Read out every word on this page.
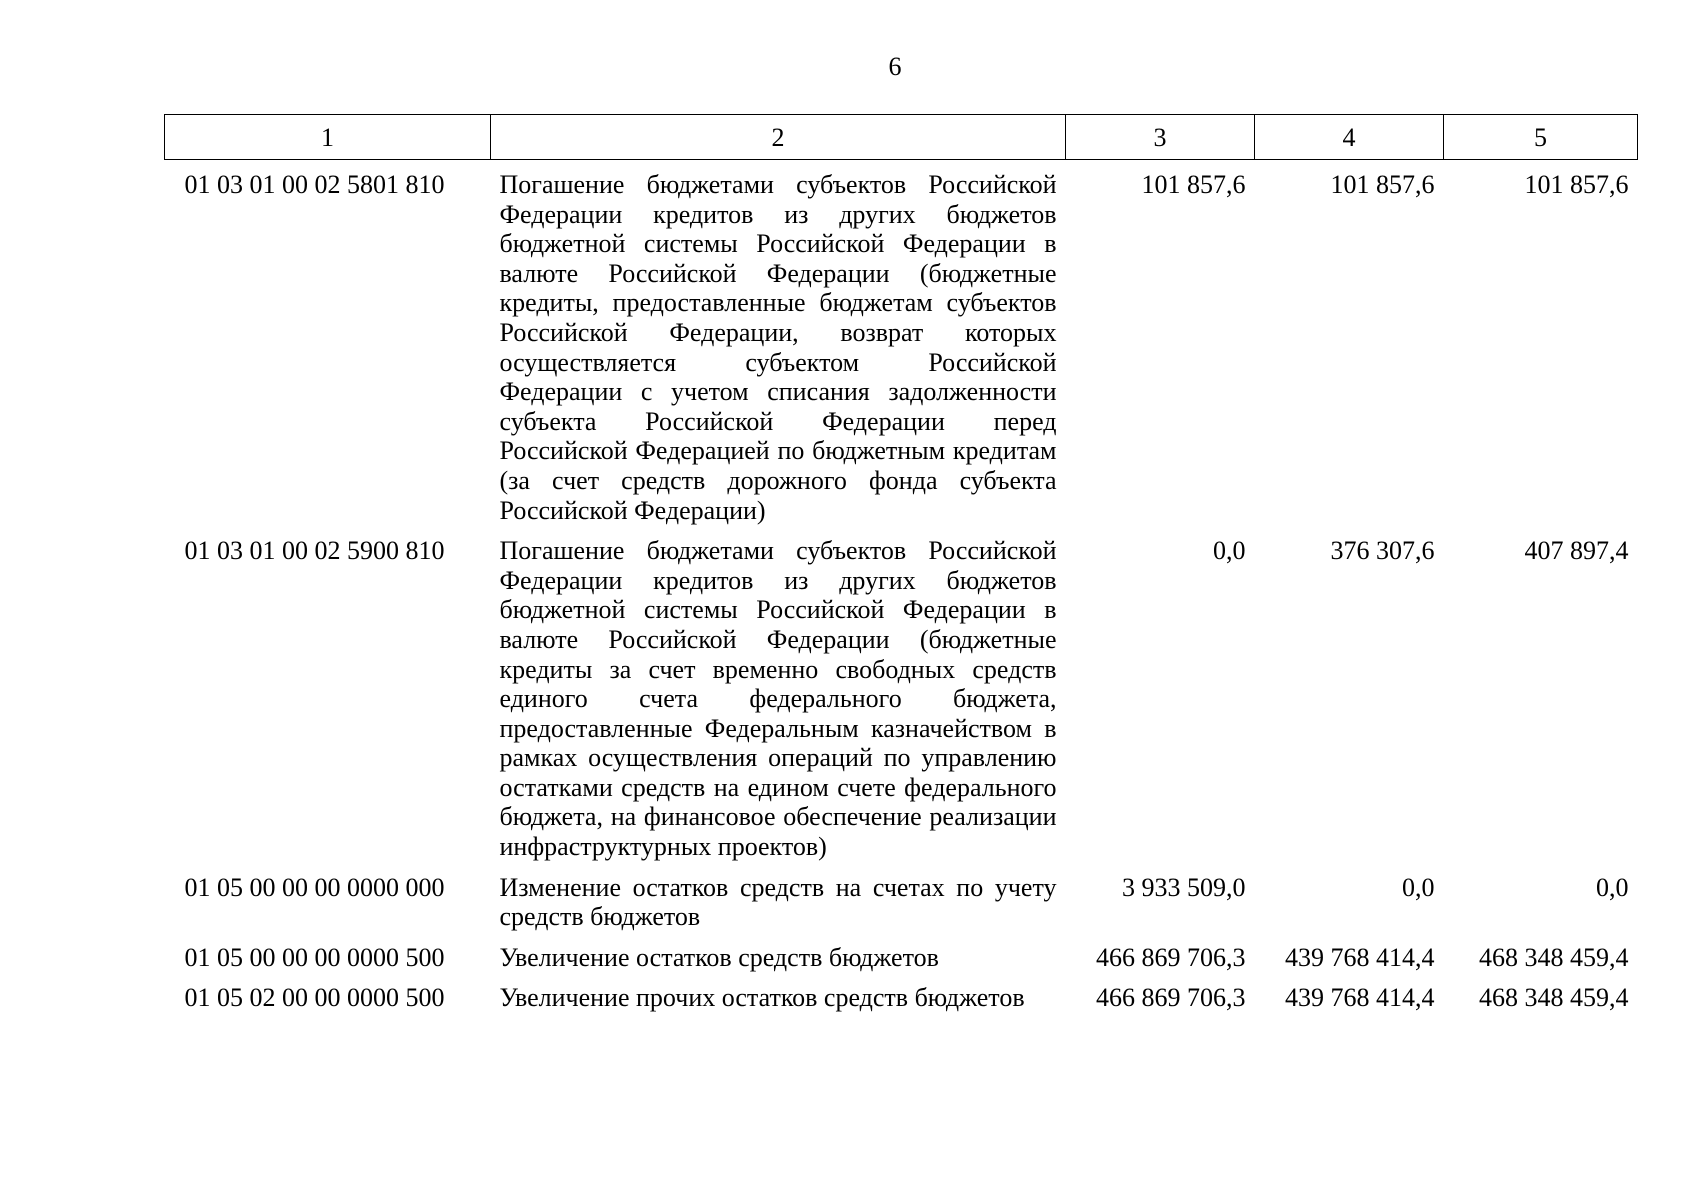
6
1	2	3	4	5
01 03 01 00 02 5801 810	Погашение бюджетами субъектов Российской Федерации кредитов из других бюджетов бюджетной системы Российской Федерации в валюте Российской Федерации (бюджетные кредиты, предоставленные бюджетам субъектов Российской Федерации, возврат которых осуществляется субъектом Российской Федерации с учетом списания задолженности субъекта Российской Федерации перед Российской Федерацией по бюджетным кредитам (за счет средств дорожного фонда субъекта Российской Федерации)	101 857,6	101 857,6	101 857,6
01 03 01 00 02 5900 810	Погашение бюджетами субъектов Российской Федерации кредитов из других бюджетов бюджетной системы Российской Федерации в валюте Российской Федерации (бюджетные кредиты за счет временно свободных средств единого счета федерального бюджета, предоставленные Федеральным казначейством в рамках осуществления операций по управлению остатками средств на едином счете федерального бюджета, на финансовое обеспечение реализации инфраструктурных проектов)	0,0	376 307,6	407 897,4
01 05 00 00 00 0000 000	Изменение остатков средств на счетах по учету средств бюджетов	3 933 509,0	0,0	0,0
01 05 00 00 00 0000 500	Увеличение остатков средств бюджетов	466 869 706,3	439 768 414,4	468 348 459,4
01 05 02 00 00 0000 500	Увеличение прочих остатков средств бюджетов	466 869 706,3	439 768 414,4	468 348 459,4
